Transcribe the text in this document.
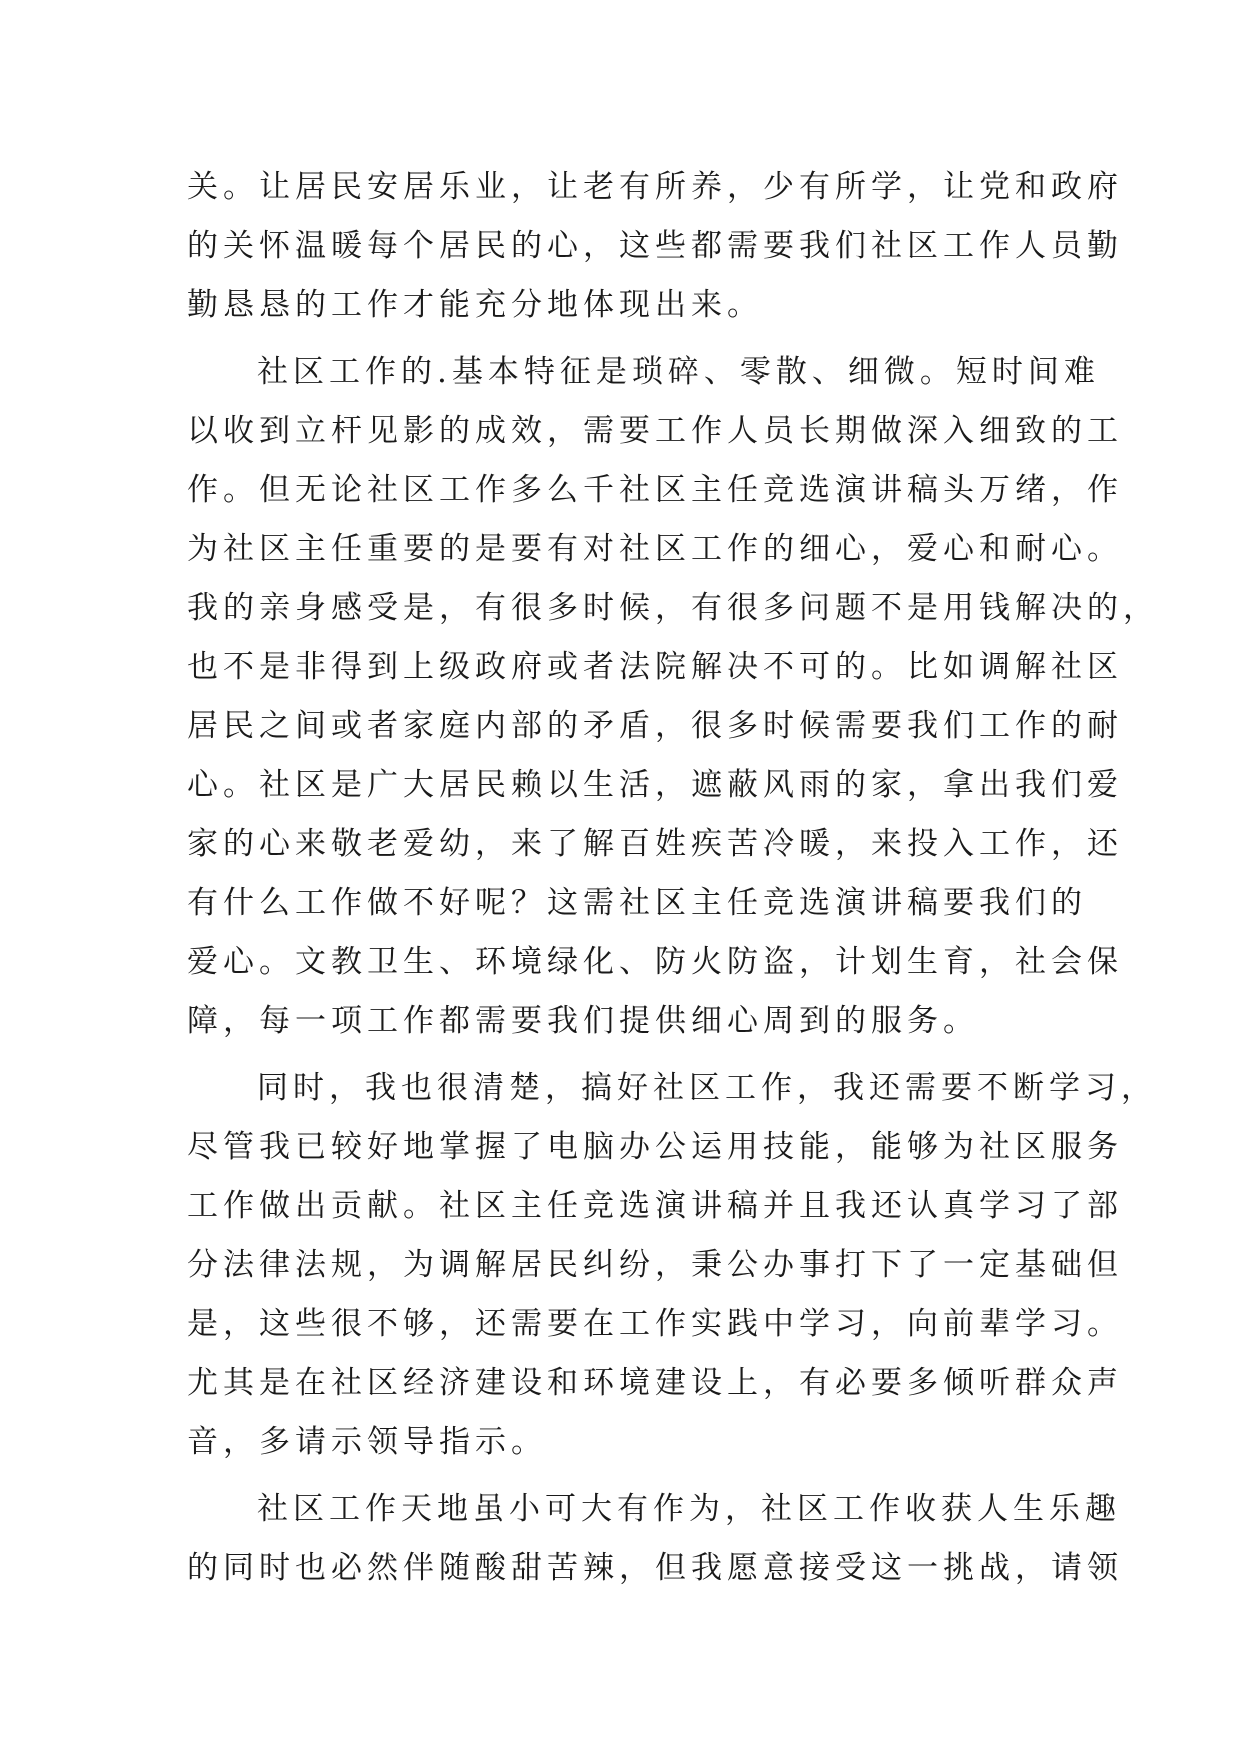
关。让居民安居乐业，让老有所养，少有所学，让党和政府
的关怀温暖每个居民的心，这些都需要我们社区工作人员勤
勤恳恳的工作才能充分地体现出来。
社区工作的.基本特征是琐碎、零散、细微。短时间难
以收到立杆见影的成效，需要工作人员长期做深入细致的工
作。但无论社区工作多么千社区主任竞选演讲稿头万绪，作
为社区主任重要的是要有对社区工作的细心，爱心和耐心。
我的亲身感受是，有很多时候，有很多问题不是用钱解决的，
也不是非得到上级政府或者法院解决不可的。比如调解社区
居民之间或者家庭内部的矛盾，很多时候需要我们工作的耐
心。社区是广大居民赖以生活，遮蔽风雨的家，拿出我们爱
家的心来敬老爱幼，来了解百姓疾苦冷暖，来投入工作，还
有什么工作做不好呢？这需社区主任竞选演讲稿要我们的
爱心。文教卫生、环境绿化、防火防盗，计划生育，社会保
障，每一项工作都需要我们提供细心周到的服务。
同时，我也很清楚，搞好社区工作，我还需要不断学习，
尽管我已较好地掌握了电脑办公运用技能，能够为社区服务
工作做出贡献。社区主任竞选演讲稿并且我还认真学习了部
分法律法规，为调解居民纠纷，秉公办事打下了一定基础但
是，这些很不够，还需要在工作实践中学习，向前辈学习。
尤其是在社区经济建设和环境建设上，有必要多倾听群众声
音，多请示领导指示。
社区工作天地虽小可大有作为，社区工作收获人生乐趣
的同时也必然伴随酸甜苦辣，但我愿意接受这一挑战，请领
